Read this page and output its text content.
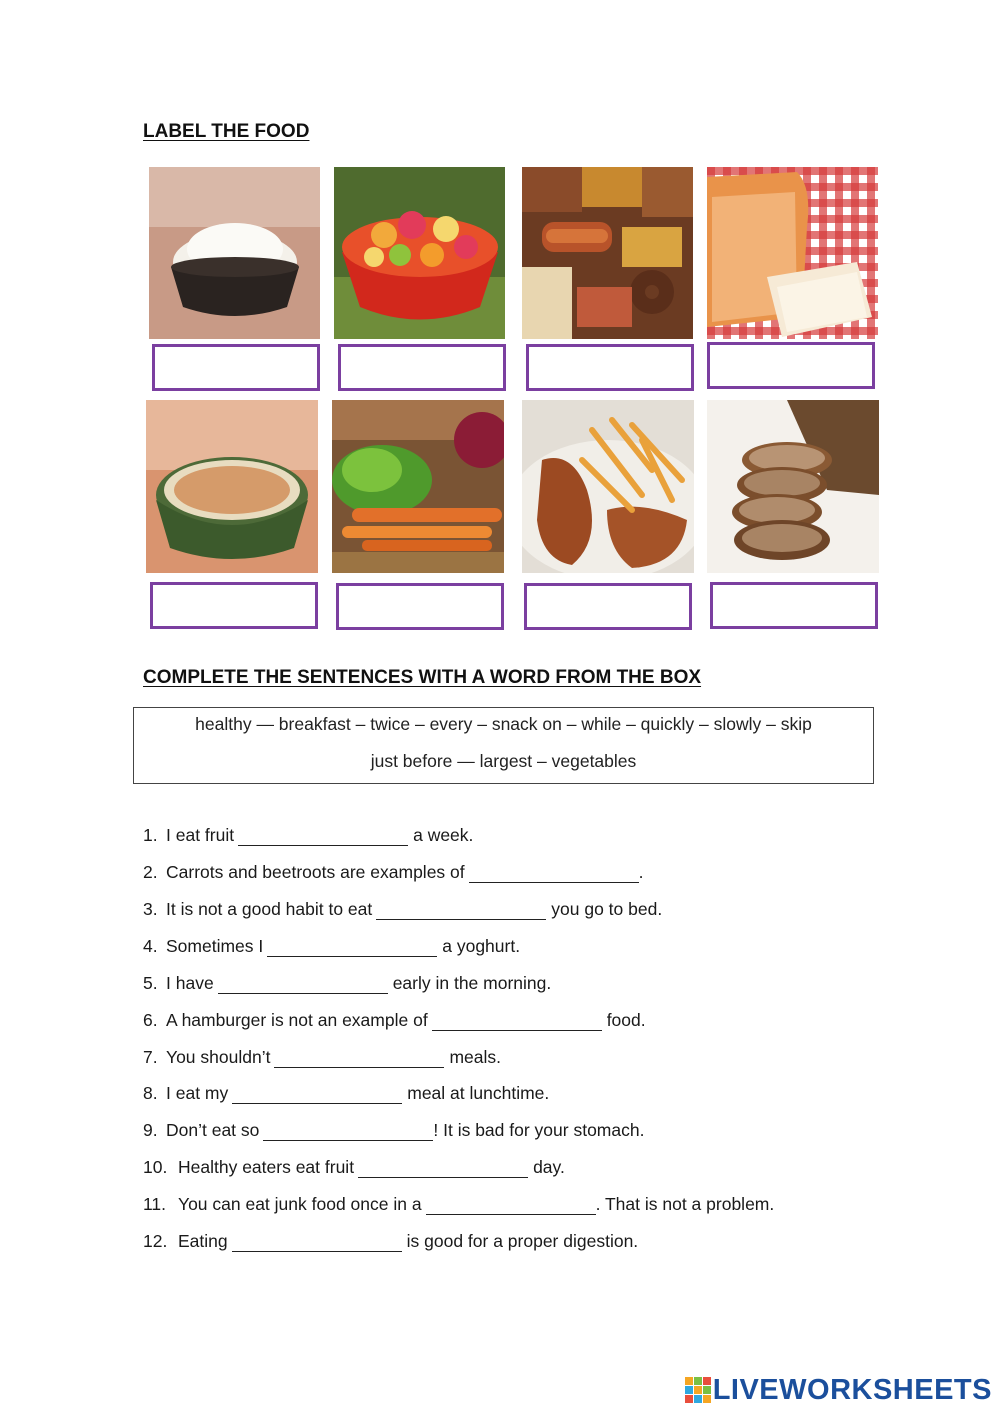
LABEL THE FOOD
COMPLETE THE SENTENCES WITH A WORD FROM THE BOX
healthy — breakfast – twice – every – snack on – while – quickly – slowly – skip
just before — largest – vegetables
1. I eat fruit	a week.
2. Carrots and beetroots are examples of	.
3. It is not a good habit to eat	you go to bed.
4. Sometimes I	a yoghurt.
5. I have	early in the morning.
6. A hamburger is not an example of	food.
7. You shouldn’t	meals.
8. I eat my	meal at lunchtime.
9. Don’t eat so	! It is bad for your stomach.
10. Healthy eaters eat fruit	day.
11. You can eat junk food once in a	. That is not a problem.
12. Eating	is good for a proper digestion.
LIVEWORKSHEETS
